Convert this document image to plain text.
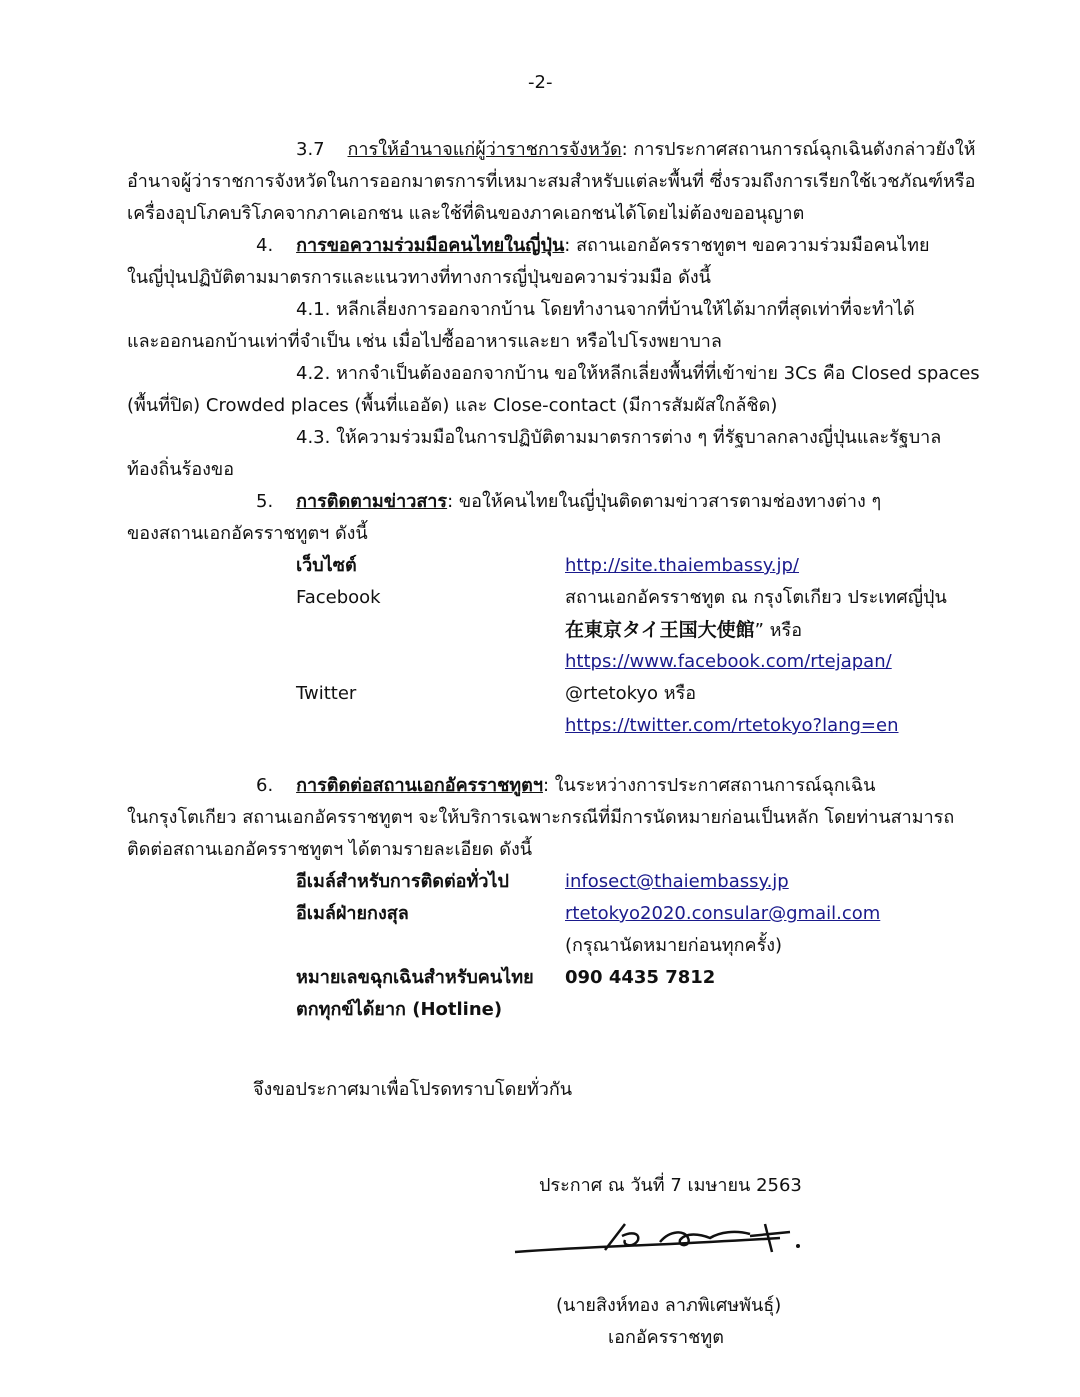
-2-
3.7 การให้อำนาจแก่ผู้ว่าราชการจังหวัด: การประกาศสถานการณ์ฉุกเฉินดังกล่าวยังให้
อำนาจผู้ว่าราชการจังหวัดในการออกมาตรการที่เหมาะสมสำหรับแต่ละพื้นที่ ซึ่งรวมถึงการเรียกใช้เวชภัณฑ์หรือ
เครื่องอุปโภคบริโภคจากภาคเอกชน และใช้ที่ดินของภาคเอกชนได้โดยไม่ต้องขออนุญาต
4. การขอความร่วมมือคนไทยในญี่ปุ่น: สถานเอกอัครราชทูตฯ ขอความร่วมมือคนไทย
ในญี่ปุ่นปฏิบัติตามมาตรการและแนวทางที่ทางการญี่ปุ่นขอความร่วมมือ ดังนี้
4.1. หลีกเลี่ยงการออกจากบ้าน โดยทำงานจากที่บ้านให้ได้มากที่สุดเท่าที่จะทำได้
และออกนอกบ้านเท่าที่จำเป็น เช่น เมื่อไปซื้ออาหารและยา หรือไปโรงพยาบาล
4.2. หากจำเป็นต้องออกจากบ้าน ขอให้หลีกเลี่ยงพื้นที่ที่เข้าข่าย 3Cs คือ Closed spaces
(พื้นที่ปิด) Crowded places (พื้นที่แออัด) และ Close-contact (มีการสัมผัสใกล้ชิด)
4.3. ให้ความร่วมมือในการปฏิบัติตามมาตรการต่าง ๆ ที่รัฐบาลกลางญี่ปุ่นและรัฐบาล
ท้องถิ่นร้องขอ
5. การติดตามข่าวสาร: ขอให้คนไทยในญี่ปุ่นติดตามข่าวสารตามช่องทางต่าง ๆ
ของสถานเอกอัครราชทูตฯ ดังนี้
เว็บไซต์	http://site.thaiembassy.jp/
Facebook	สถานเอกอัครราชทูต ณ กรุงโตเกียว ประเทศญี่ปุ่น
在東京タイ王国大使館” หรือ
https://www.facebook.com/rtejapan/
Twitter	@rtetokyo หรือ
https://twitter.com/rtetokyo?lang=en
6. การติดต่อสถานเอกอัครราชทูตฯ: ในระหว่างการประกาศสถานการณ์ฉุกเฉิน
ในกรุงโตเกียว สถานเอกอัครราชทูตฯ จะให้บริการเฉพาะกรณีที่มีการนัดหมายก่อนเป็นหลัก โดยท่านสามารถ
ติดต่อสถานเอกอัครราชทูตฯ ได้ตามรายละเอียด ดังนี้
อีเมล์สำหรับการติดต่อทั่วไป	infosect@thaiembassy.jp
อีเมล์ฝ่ายกงสุล	rtetokyo2020.consular@gmail.com
(กรุณานัดหมายก่อนทุกครั้ง)
หมายเลขฉุกเฉินสำหรับคนไทย 090 4435 7812
ตกทุกข์ได้ยาก (Hotline)
จึงขอประกาศมาเพื่อโปรดทราบโดยทั่วกัน
ประกาศ ณ วันที่ 7 เมษายน 2563
(นายสิงห์ทอง ลาภพิเศษพันธุ์)
เอกอัครราชทูต
